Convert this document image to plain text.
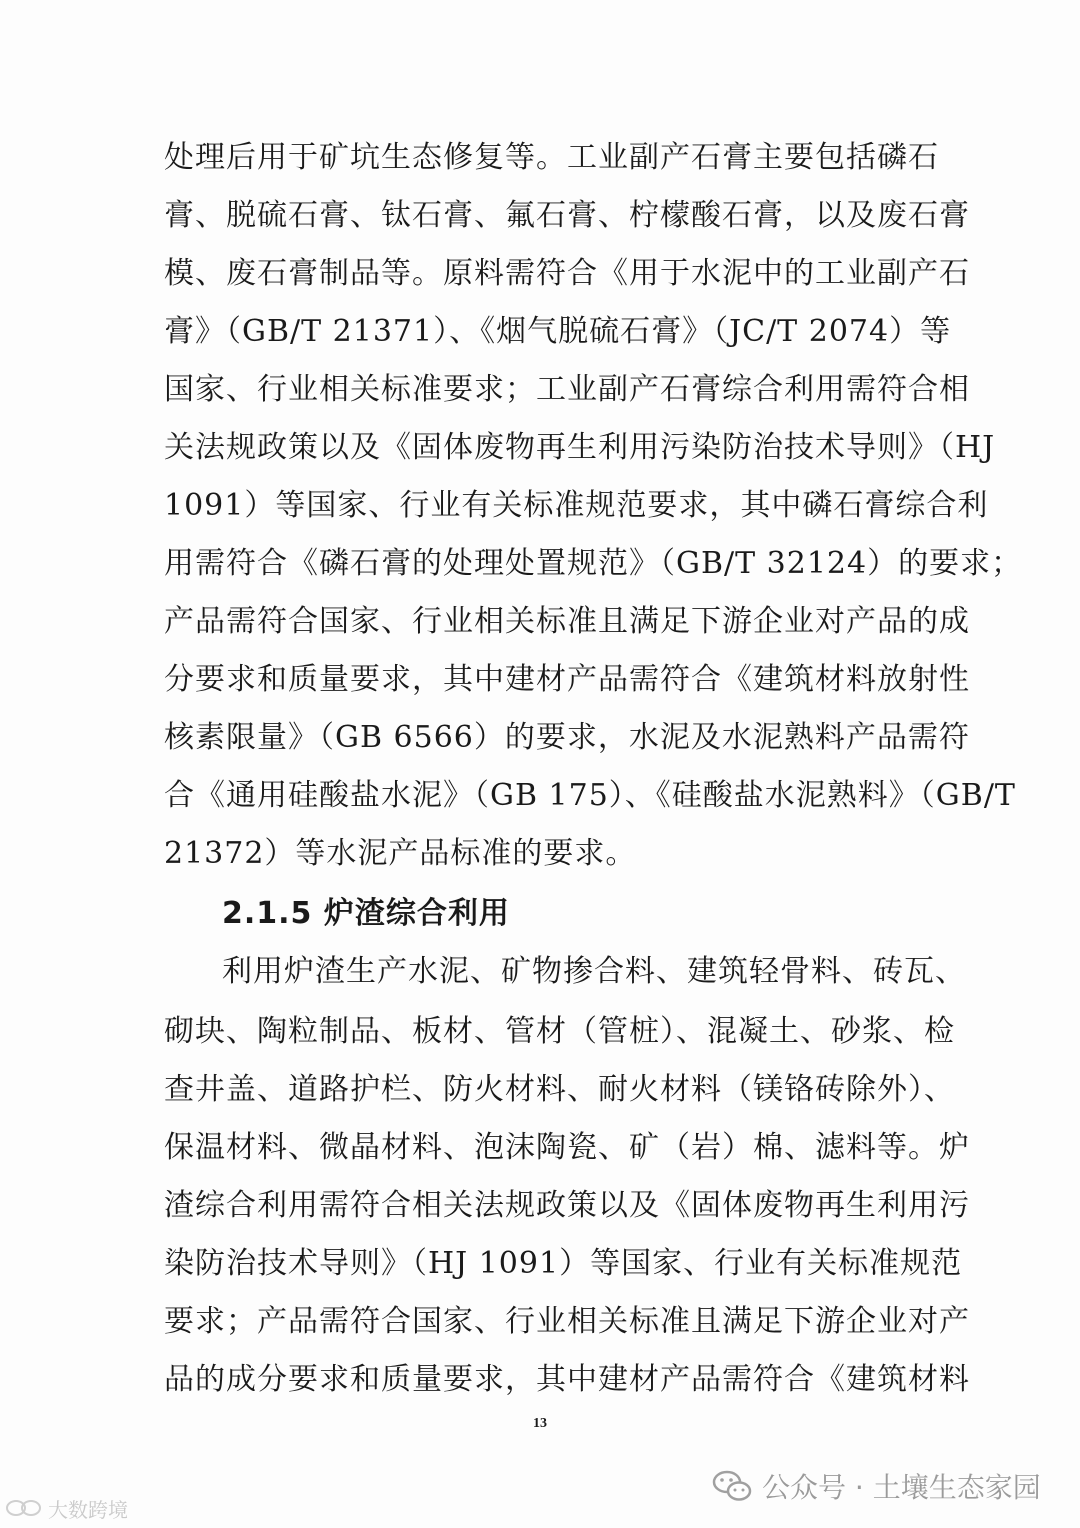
处理后用于矿坑生态修复等。工业副产石膏主要包括磷石
膏、脱硫石膏、钛石膏、氟石膏、柠檬酸石膏，以及废石膏
模、废石膏制品等。原料需符合《用于水泥中的工业副产石
膏》（GB/T 21371）、《烟气脱硫石膏》（JC/T 2074）等
国家、行业相关标准要求；工业副产石膏综合利用需符合相
关法规政策以及《固体废物再生利用污染防治技术导则》（HJ
1091）等国家、行业有关标准规范要求，其中磷石膏综合利
用需符合《磷石膏的处理处置规范》（GB/T 32124）的要求；
产品需符合国家、行业相关标准且满足下游企业对产品的成
分要求和质量要求，其中建材产品需符合《建筑材料放射性
核素限量》（GB 6566）的要求，水泥及水泥熟料产品需符
合《通用硅酸盐水泥》（GB 175）、《硅酸盐水泥熟料》（GB/T
21372）等水泥产品标准的要求。
2.1.5 炉渣综合利用
利用炉渣生产水泥、矿物掺合料、建筑轻骨料、砖瓦、
砌块、陶粒制品、板材、管材（管桩）、混凝土、砂浆、检
查井盖、道路护栏、防火材料、耐火材料（镁铬砖除外）、
保温材料、微晶材料、泡沫陶瓷、矿（岩）棉、滤料等。炉
渣综合利用需符合相关法规政策以及《固体废物再生利用污
染防治技术导则》（HJ 1091）等国家、行业有关标准规范
要求；产品需符合国家、行业相关标准且满足下游企业对产
品的成分要求和质量要求，其中建材产品需符合《建筑材料
13
大数跨境
公众号 · 土壤生态家园
